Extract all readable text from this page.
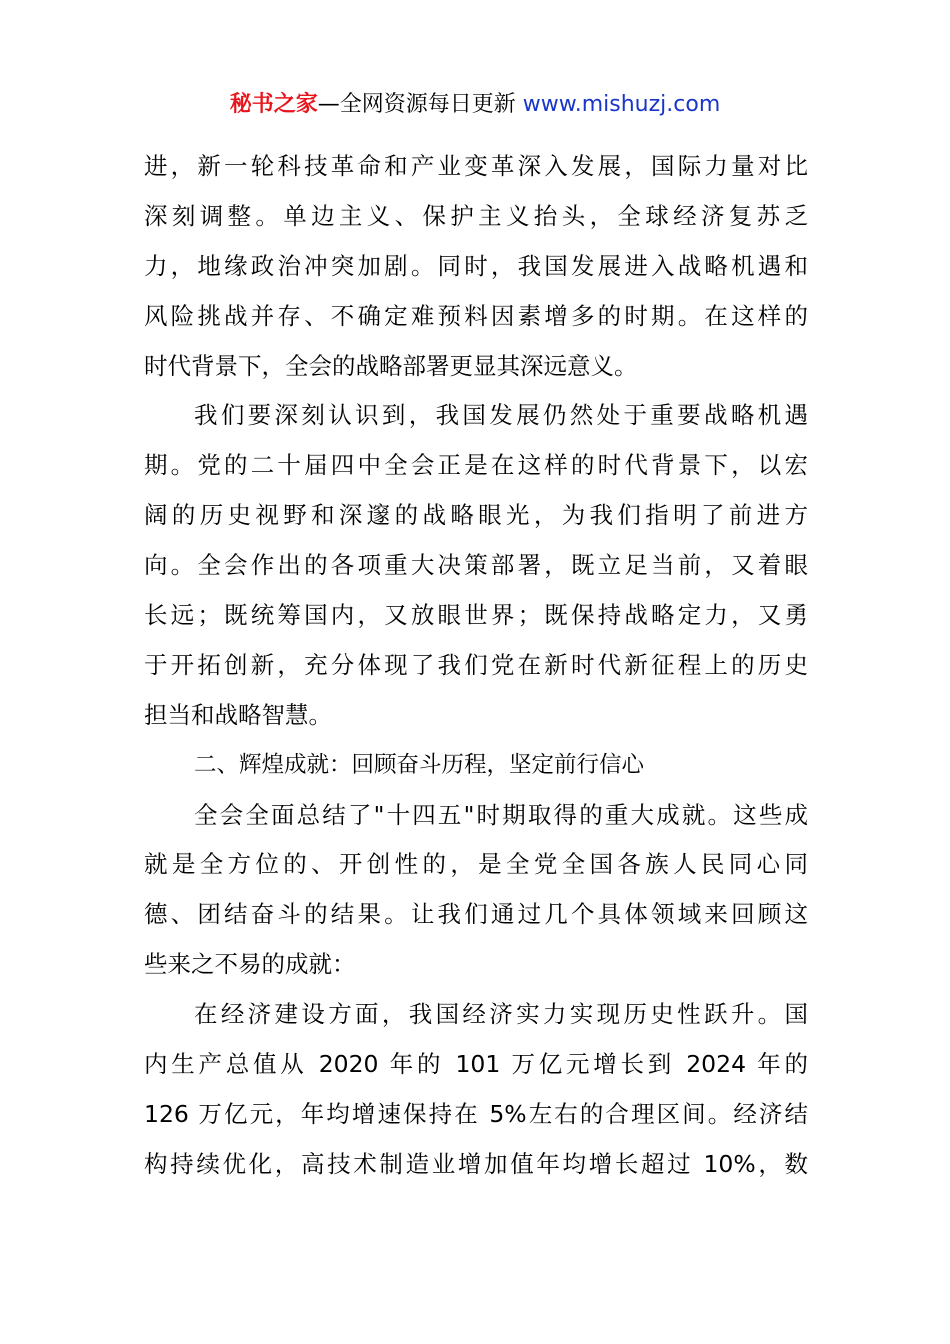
秘书之家—全网资源每日更新 www.mishuzj.com
进，新一轮科技革命和产业变革深入发展，国际力量对比
深刻调整。单边主义、保护主义抬头，全球经济复苏乏
力，地缘政治冲突加剧。同时，我国发展进入战略机遇和
风险挑战并存、不确定难预料因素增多的时期。在这样的
时代背景下，全会的战略部署更显其深远意义。
我们要深刻认识到，我国发展仍然处于重要战略机遇
期。党的二十届四中全会正是在这样的时代背景下，以宏
阔的历史视野和深邃的战略眼光，为我们指明了前进方
向。全会作出的各项重大决策部署，既立足当前，又着眼
长远；既统筹国内，又放眼世界；既保持战略定力，又勇
于开拓创新，充分体现了我们党在新时代新征程上的历史
担当和战略智慧。
二、辉煌成就：回顾奋斗历程，坚定前行信心
全会全面总结了"十四五"时期取得的重大成就。这些成
就是全方位的、开创性的，是全党全国各族人民同心同
德、团结奋斗的结果。让我们通过几个具体领域来回顾这
些来之不易的成就：
在经济建设方面，我国经济实力实现历史性跃升。国
内生产总值从 2020 年的 101 万亿元增长到 2024 年的
126 万亿元，年均增速保持在 5%左右的合理区间。经济结
构持续优化，高技术制造业增加值年均增长超过 10%，数
